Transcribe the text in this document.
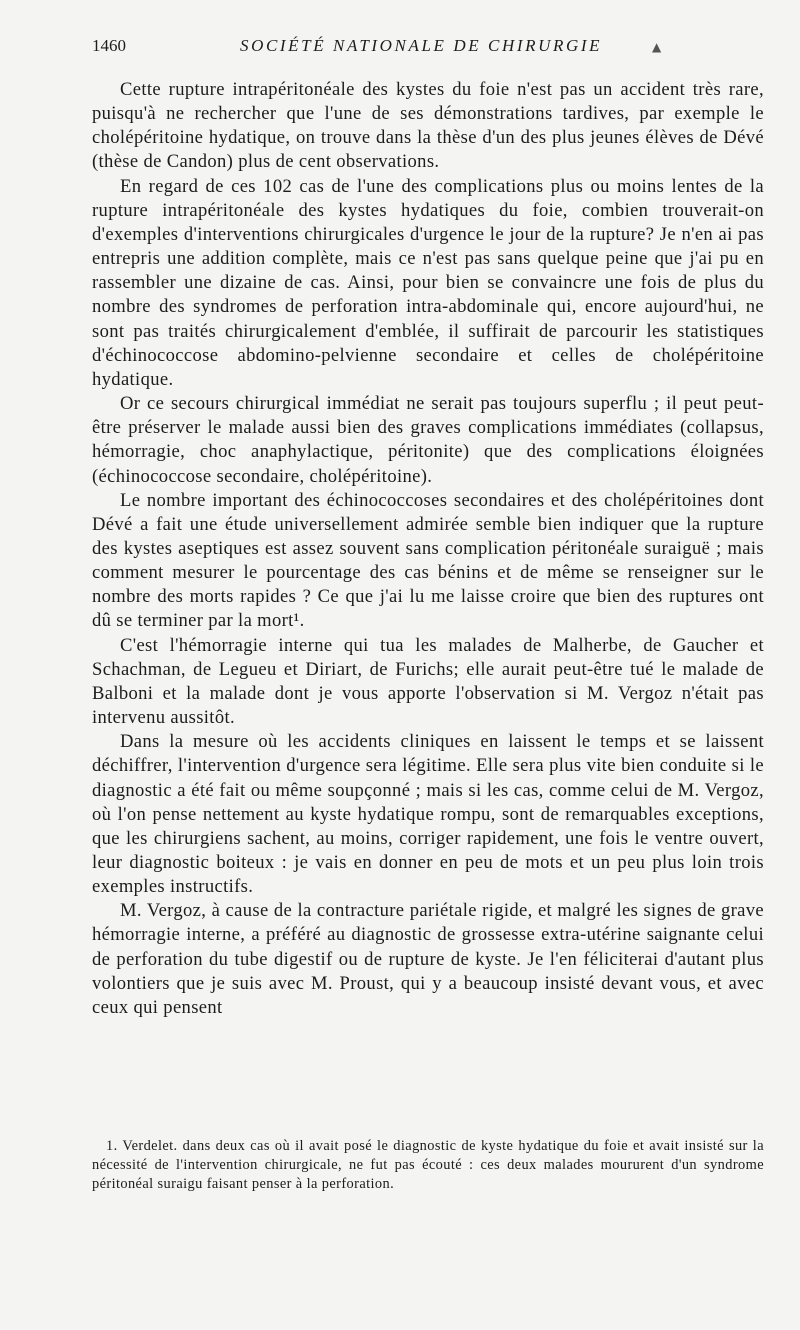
1460	SOCIÉTÉ NATIONALE DE CHIRURGIE	▲

Cette rupture intrapéritonéale des kystes du foie n'est pas un accident très rare, puisqu'à ne rechercher que l'une de ses démonstrations tardives, par exemple le cholépéritoine hydatique, on trouve dans la thèse d'un des plus jeunes élèves de Dévé (thèse de Candon) plus de cent observations.

En regard de ces 102 cas de l'une des complications plus ou moins lentes de la rupture intrapéritonéale des kystes hydatiques du foie, combien trouverait-on d'exemples d'interventions chirurgicales d'urgence le jour de la rupture? Je n'en ai pas entrepris une addition complète, mais ce n'est pas sans quelque peine que j'ai pu en rassembler une dizaine de cas. Ainsi, pour bien se convaincre une fois de plus du nombre des syndromes de perforation intra-abdominale qui, encore aujourd'hui, ne sont pas traités chirurgicalement d'emblée, il suffirait de parcourir les statistiques d'échinococcose abdomino-pelvienne secondaire et celles de cholépéritoine hydatique.

Or ce secours chirurgical immédiat ne serait pas toujours superflu ; il peut peut-être préserver le malade aussi bien des graves complications immédiates (collapsus, hémorragie, choc anaphylactique, péritonite) que des complications éloignées (échinococcose secondaire, cholépéritoine).

Le nombre important des échinococcoses secondaires et des cholépéritoines dont Dévé a fait une étude universellement admirée semble bien indiquer que la rupture des kystes aseptiques est assez souvent sans complication péritonéale suraiguë ; mais comment mesurer le pourcentage des cas bénins et de même se renseigner sur le nombre des morts rapides ? Ce que j'ai lu me laisse croire que bien des ruptures ont dû se terminer par la mort¹.

C'est l'hémorragie interne qui tua les malades de Malherbe, de Gaucher et Schachman, de Legueu et Diriart, de Furichs; elle aurait peut-être tué le malade de Balboni et la malade dont je vous apporte l'observation si M. Vergoz n'était pas intervenu aussitôt.

Dans la mesure où les accidents cliniques en laissent le temps et se laissent déchiffrer, l'intervention d'urgence sera légitime. Elle sera plus vite bien conduite si le diagnostic a été fait ou même soupçonné ; mais si les cas, comme celui de M. Vergoz, où l'on pense nettement au kyste hydatique rompu, sont de remarquables exceptions, que les chirurgiens sachent, au moins, corriger rapidement, une fois le ventre ouvert, leur diagnostic boiteux : je vais en donner en peu de mots et un peu plus loin trois exemples instructifs.

M. Vergoz, à cause de la contracture pariétale rigide, et malgré les signes de grave hémorragie interne, a préféré au diagnostic de grossesse extra-utérine saignante celui de perforation du tube digestif ou de rupture de kyste. Je l'en féliciterai d'autant plus volontiers que je suis avec M. Proust, qui y a beaucoup insisté devant vous, et avec ceux qui pensent

1. Verdelet. dans deux cas où il avait posé le diagnostic de kyste hydatique du foie et avait insisté sur la nécessité de l'intervention chirurgicale, ne fut pas écouté : ces deux malades moururent d'un syndrome péritonéal suraigu faisant penser à la perforation.
